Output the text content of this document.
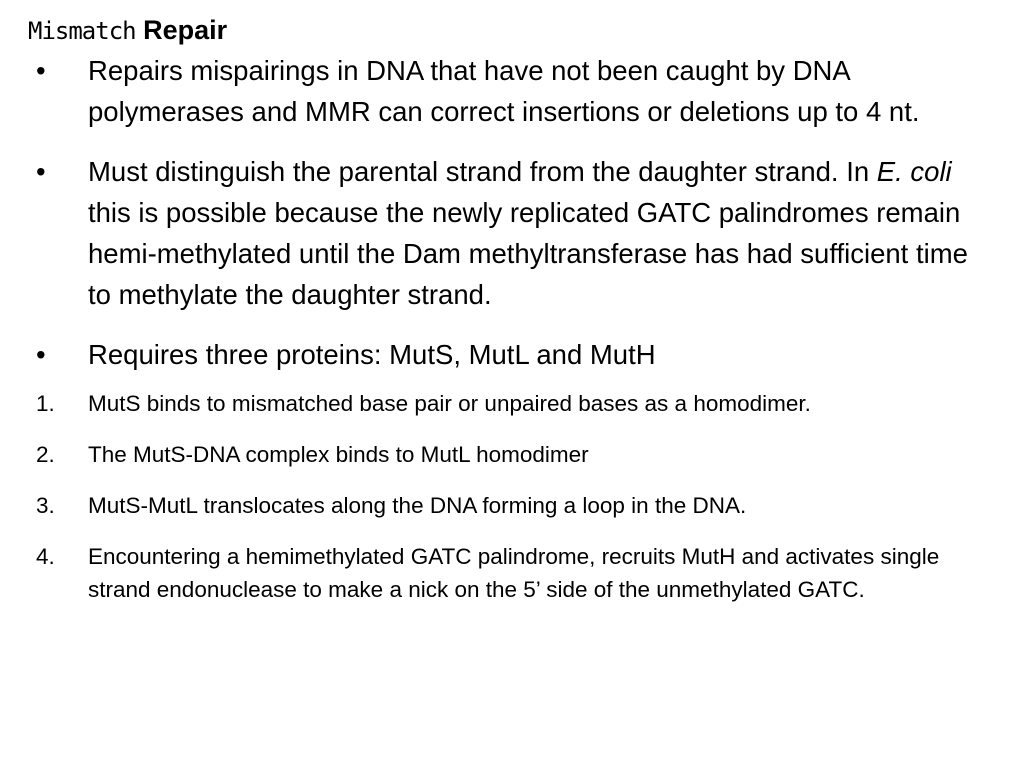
Mismatch Repair
• Repairs mispairings in DNA that have not been caught by DNA polymerases and MMR can correct insertions or deletions up to 4 nt.
• Must distinguish the parental strand from the daughter strand. In E. coli this is possible because the newly replicated GATC palindromes remain hemi-methylated until the Dam methyltransferase has had sufficient time to methylate the daughter strand.
• Requires three proteins: MutS, MutL and MutH
1. MutS binds to mismatched base pair or unpaired bases as a homodimer.
2. The MutS-DNA complex binds to MutL homodimer
3. MutS-MutL translocates along the DNA forming a loop in the DNA.
4. Encountering a hemimethylated GATC palindrome, recruits MutH and activates single strand endonuclease to make a nick on the 5’ side of the unmethylated GATC.
